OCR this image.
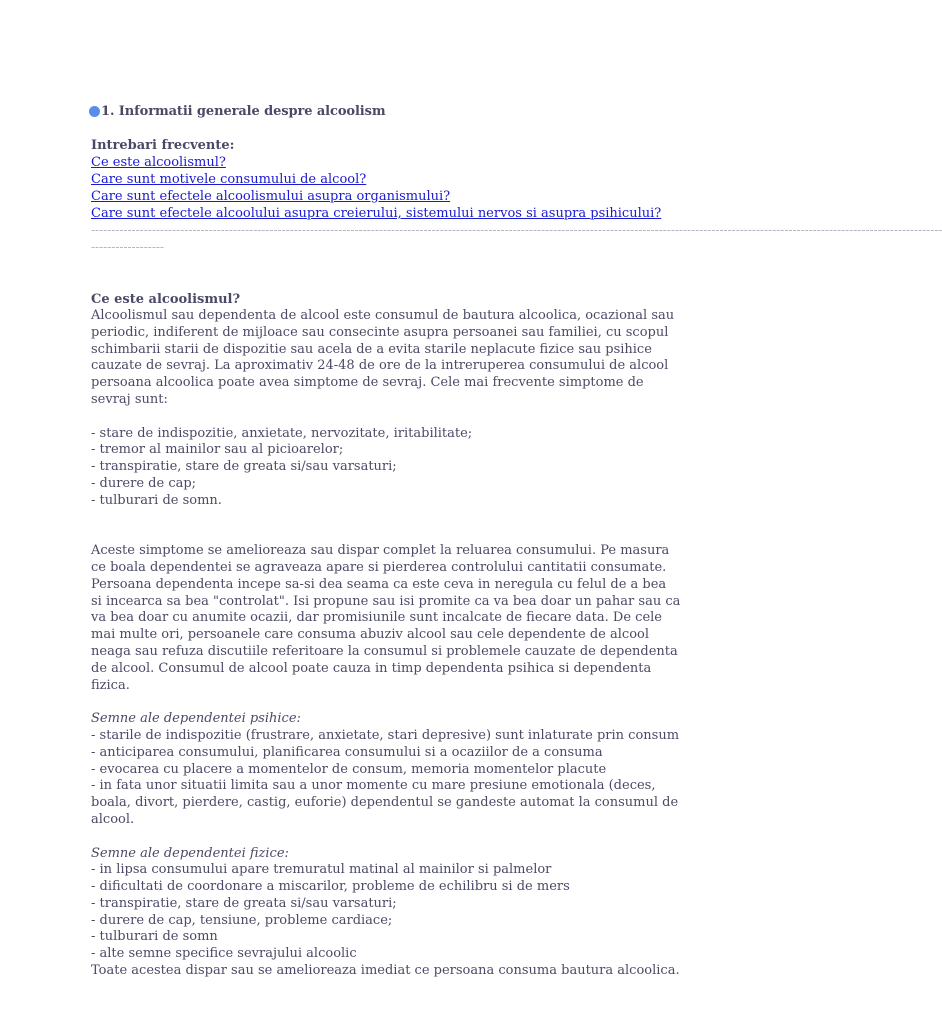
1. Informatii generale despre alcoolism
Intrebari frecvente:
Ce este alcoolismul?
Care sunt motivele consumului de alcool?
Care sunt efectele alcoolismului asupra organismului?
Care sunt efectele alcoolului asupra creierului, sistemului nervos si asupra psihicului?
------------------------------------------------------------------------------------------------------------------------------------------------------------------------------------------------------------------
------------------
Ce este alcoolismul?

Alcoolismul sau dependenta de alcool este consumul de bautura alcoolica, ocazional sau periodic, indiferent de mijloace sau consecinte asupra persoanei sau familiei, cu scopul schimbarii starii de dispozitie sau acela de a evita starile neplacute fizice sau psihice cauzate de sevraj. La aproximativ 24-48 de ore de la intreruperea consumului de alcool persoana alcoolica poate avea simptome de sevraj. Cele mai frecvente simptome de sevraj sunt:

- stare de indispozitie, anxietate, nervozitate, iritabilitate;
- tremor al mainilor sau al picioarelor;
- transpiratie, stare de greata si/sau varsaturi;
- durere de cap;
- tulburari de somn.

Aceste simptome se amelioreaza sau dispar complet la reluarea consumului. Pe masura ce boala dependentei se agraveaza apare si pierderea controlului cantitatii consumate. Persoana dependenta incepe sa-si dea seama ca este ceva in neregula cu felul de a bea si incearca sa bea "controlat". Isi propune sau isi promite ca va bea doar un pahar sau ca va bea doar cu anumite ocazii, dar promisiunile sunt incalcate de fiecare data. De cele mai multe ori, persoanele care consuma abuziv alcool sau cele dependente de alcool neaga sau refuza discutiile referitoare la consumul si problemele cauzate de dependenta de alcool. Consumul de alcool poate cauza in timp dependenta psihica si dependenta fizica.

Semne ale dependentei psihice:
- starile de indispozitie (frustrare, anxietate, stari depresive) sunt inlaturate prin consum
- anticiparea consumului, planificarea consumului si a ocaziilor de a consuma
- evocarea cu placere a momentelor de consum, memoria momentelor placute
- in fata unor situatii limita sau a unor momente cu mare presiune emotionala (deces, boala, divort, pierdere, castig, euforie) dependentul se gandeste automat la consumul de alcool.
Semne ale dependentei fizice:
- in lipsa consumului apare tremuratul matinal al mainilor si palmelor
- dificultati de coordonare a miscarilor, probleme de echilibru si de mers
- transpiratie, stare de greata si/sau varsaturi;
- durere de cap, tensiune, probleme cardiace;
- tulburari de somn
- alte semne specifice sevrajului alcoolic

Toate acestea dispar sau se amelioreaza imediat ce persoana consuma bautura alcoolica.
